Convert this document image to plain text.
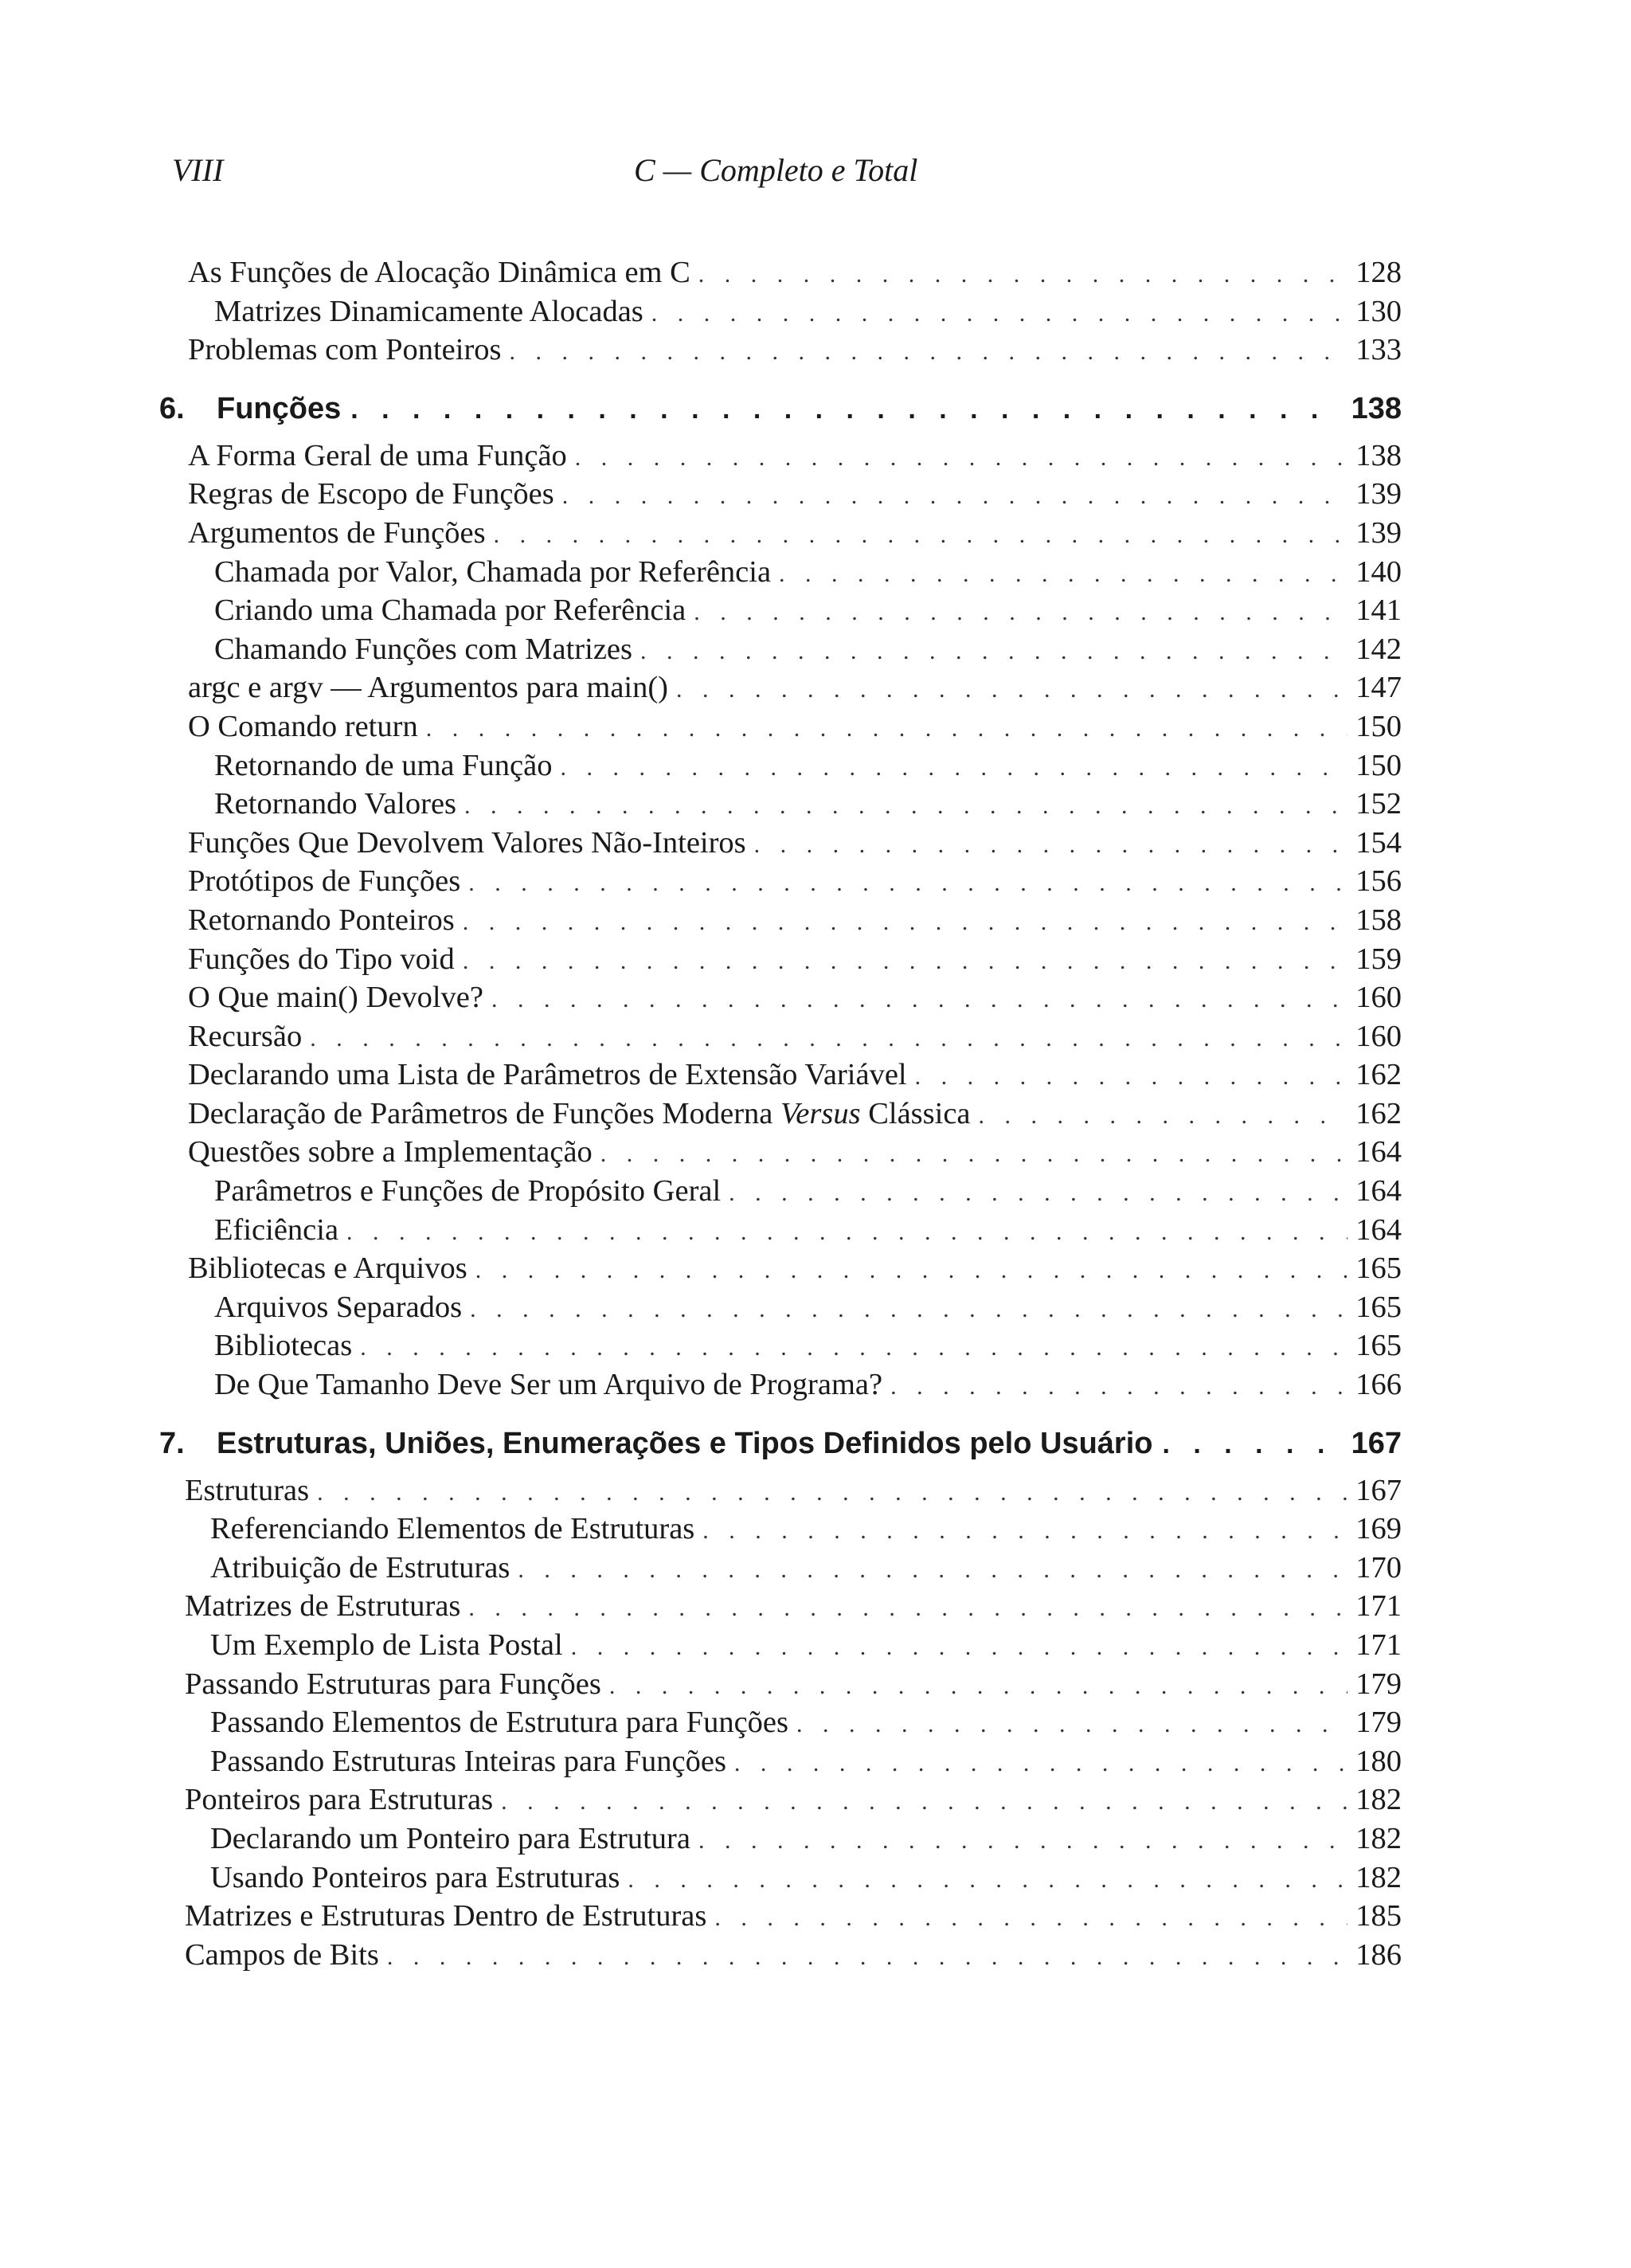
VIII	C — Completo e Total
As Funções de Alocação Dinâmica em C . . .	128
Matrizes Dinamicamente Alocadas . . .	130
Problemas com Ponteiros . . .	133
6.	Funções . . .	138
A Forma Geral de uma Função . . .	138
Regras de Escopo de Funções . . .	139
Argumentos de Funções . . .	139
Chamada por Valor, Chamada por Referência . . .	140
Criando uma Chamada por Referência . . .	141
Chamando Funções com Matrizes . . .	142
argc e argv — Argumentos para main() . . .	147
O Comando return . . .	150
Retornando de uma Função . . .	150
Retornando Valores . . .	152
Funções Que Devolvem Valores Não-Inteiros . . .	154
Protótipos de Funções . . .	156
Retornando Ponteiros . . .	158
Funções do Tipo void . . .	159
O Que main() Devolve? . . .	160
Recursão . . .	160
Declarando uma Lista de Parâmetros de Extensão Variável . . .	162
Declaração de Parâmetros de Funções Moderna Versus Clássica . . .	162
Questões sobre a Implementação . . .	164
Parâmetros e Funções de Propósito Geral . . .	164
Eficiência . . .	164
Bibliotecas e Arquivos . . .	165
Arquivos Separados . . .	165
Bibliotecas . . .	165
De Que Tamanho Deve Ser um Arquivo de Programa? . . .	166
7.	Estruturas, Uniões, Enumerações e Tipos Definidos pelo Usuário . . .	167
Estruturas . . .	167
Referenciando Elementos de Estruturas . . .	169
Atribuição de Estruturas . . .	170
Matrizes de Estruturas . . .	171
Um Exemplo de Lista Postal . . .	171
Passando Estruturas para Funções . . .	179
Passando Elementos de Estrutura para Funções . . .	179
Passando Estruturas Inteiras para Funções . . .	180
Ponteiros para Estruturas . . .	182
Declarando um Ponteiro para Estrutura . . .	182
Usando Ponteiros para Estruturas . . .	182
Matrizes e Estruturas Dentro de Estruturas . . .	185
Campos de Bits . . .	186
